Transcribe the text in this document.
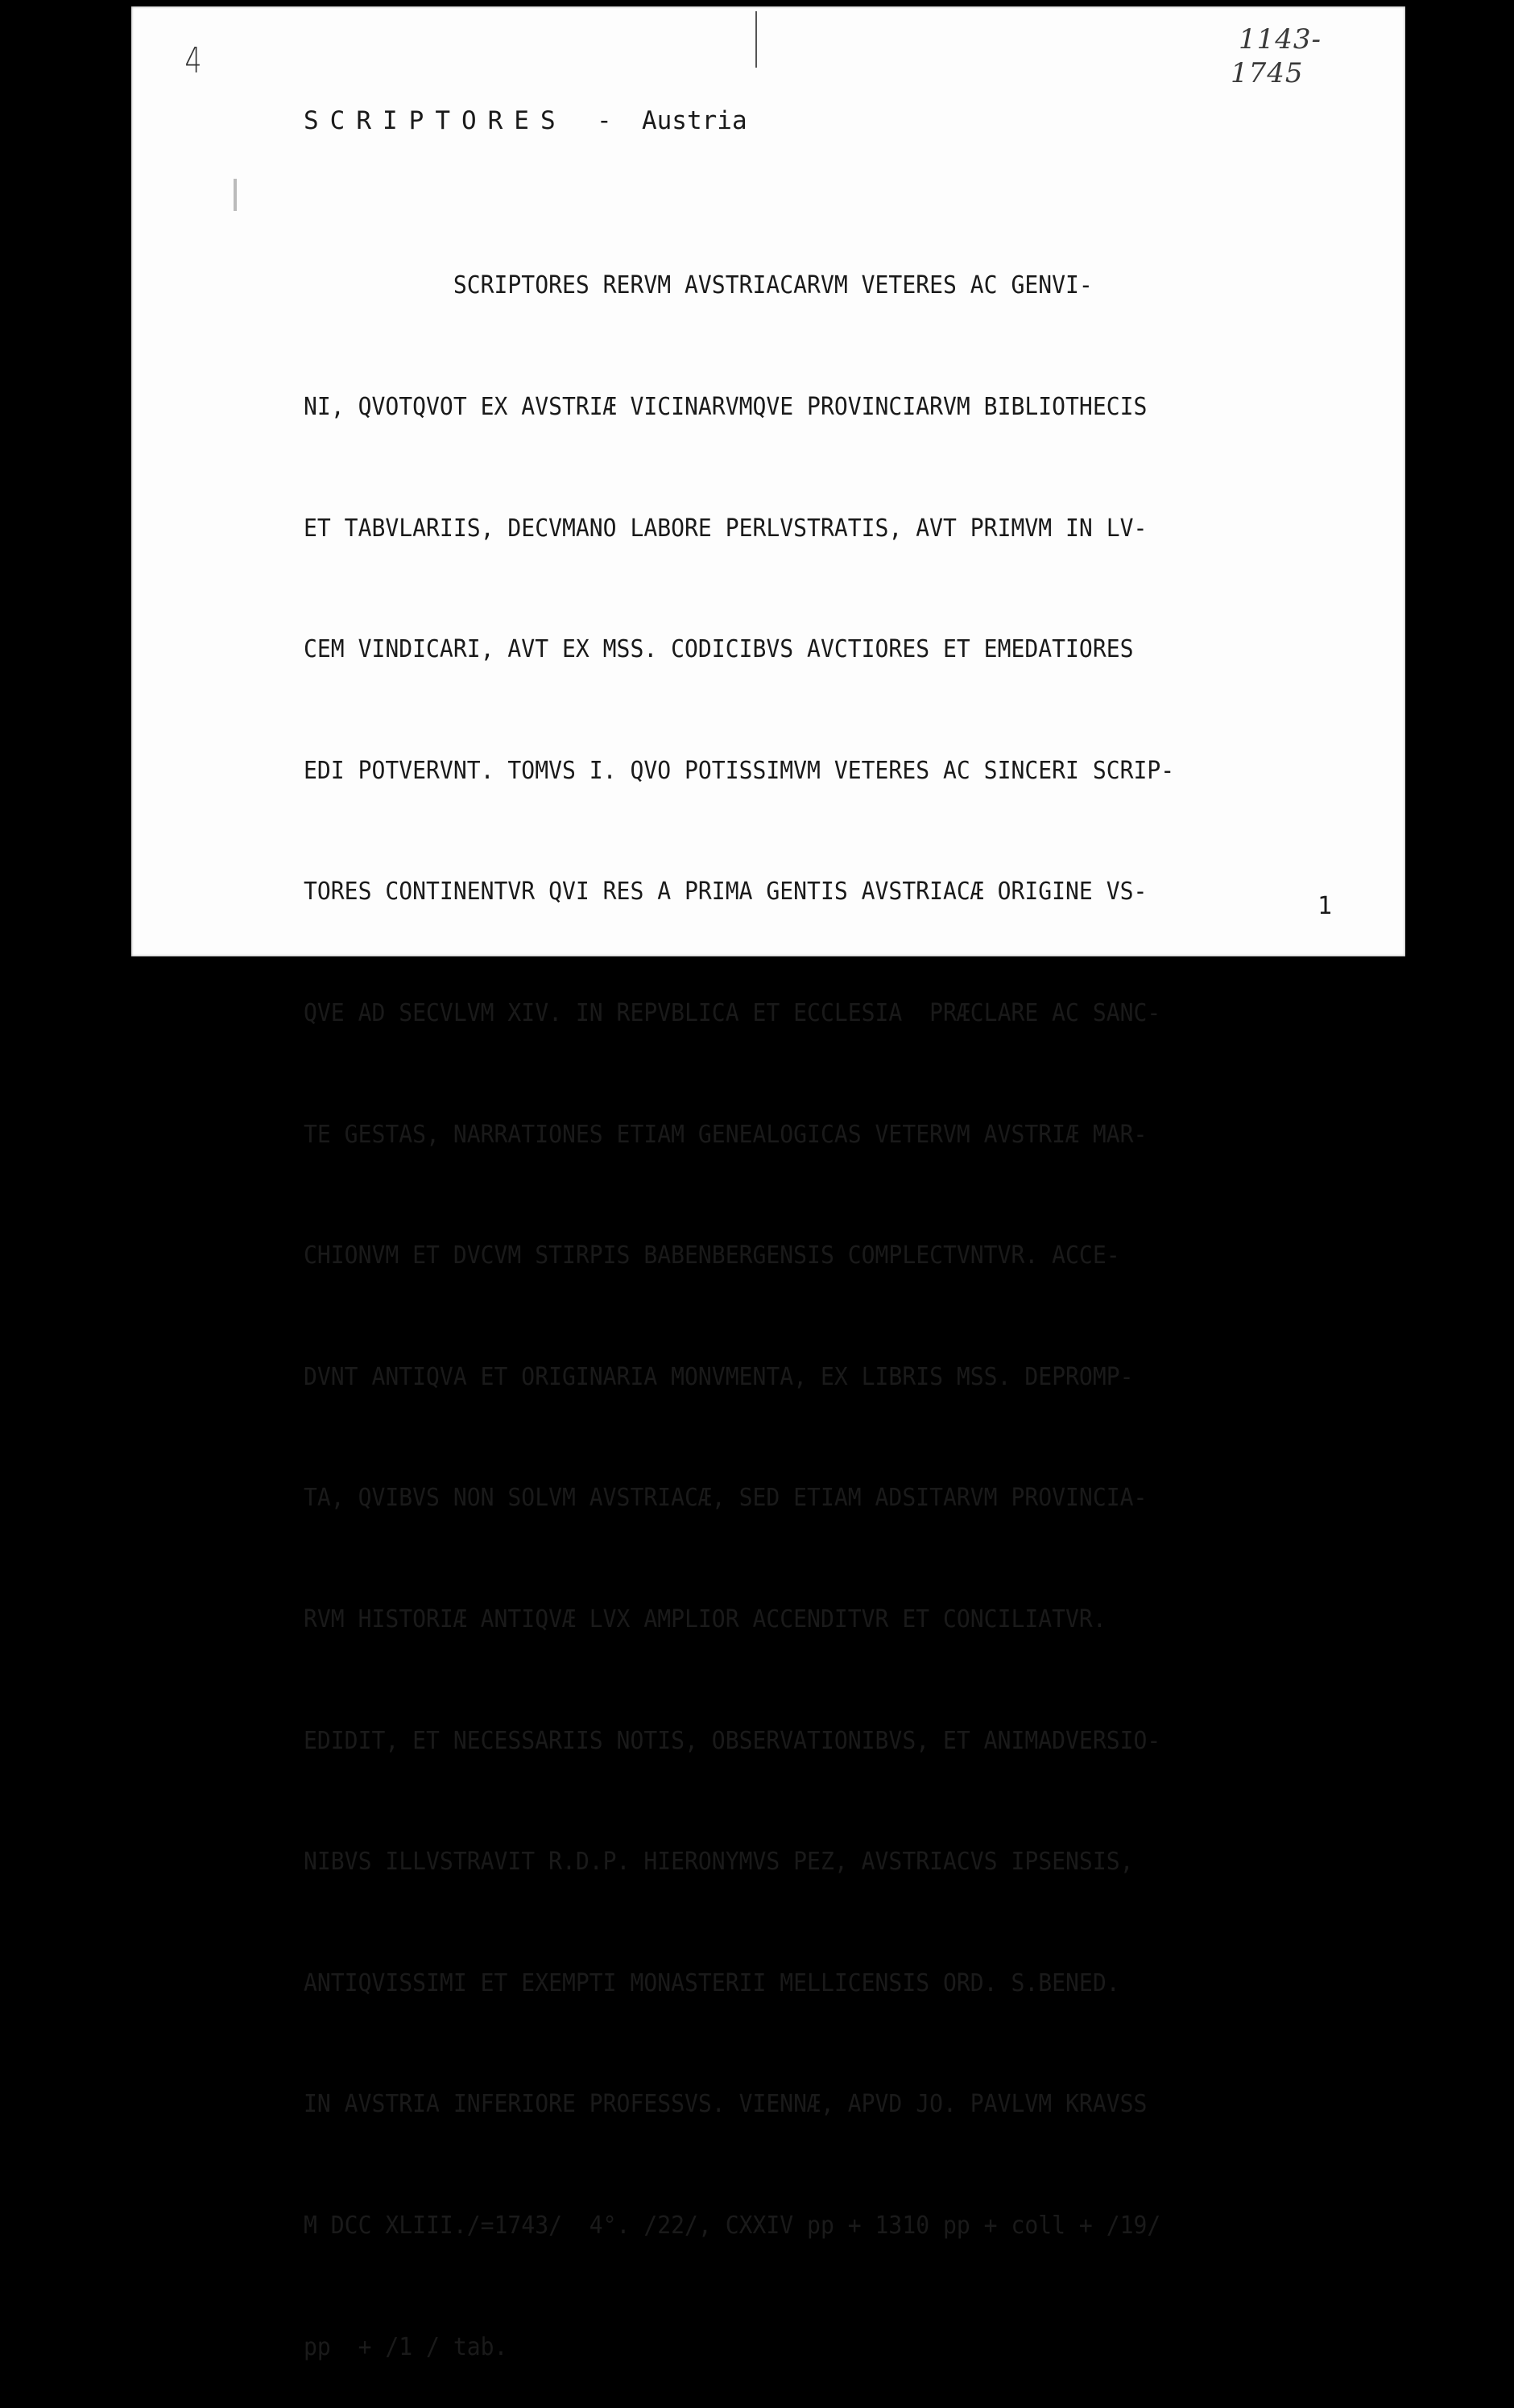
4
1143-
1745
SCRIPTORES - Austria

SCRIPTORES RERVM AVSTRIACARVM VETERES AC GENVI-

NI, QVOTQVOT EX AVSTRIÆ VICINARVMQVE PROVINCIARVM BIBLIOTHECIS

ET TABVLARIIS, DECVMANO LABORE PERLVSTRATIS, AVT PRIMVM IN LV-

CEM VINDICARI, AVT EX MSS. CODICIBVS AVCTIORES ET EMEDATIORES

EDI POTVERVNT. TOMVS I. QVO POTISSIMVM VETERES AC SINCERI SCRIP-

TORES CONTINENTVR QVI RES A PRIMA GENTIS AVSTRIACÆ ORIGINE VS-

QVE AD SECVLVM XIV. IN REPVBLICA ET ECCLESIA  PRÆCLARE AC SANC-

TE GESTAS, NARRATIONES ETIAM GENEALOGICAS VETERVM AVSTRIÆ MAR-

CHIONVM ET DVCVM STIRPIS BABENBERGENSIS COMPLECTVNTVR. ACCE-

DVNT ANTIQVA ET ORIGINARIA MONVMENTA, EX LIBRIS MSS. DEPROMP-

TA, QVIBVS NON SOLVM AVSTRIACÆ, SED ETIAM ADSITARVM PROVINCIA-

RVM HISTORIÆ ANTIQVÆ LVX AMPLIOR ACCENDITVR ET CONCILIATVR.

EDIDIT, ET NECESSARIIS NOTIS, OBSERVATIONIBVS, ET ANIMADVERSIO-

NIBVS ILLVSTRAVIT R.D.P. HIERONYMVS PEZ, AVSTRIACVS IPSENSIS,

ANTIQVISSIMI ET EXEMPTI MONASTERII MELLICENSIS ORD. S.BENED.

IN AVSTRIA INFERIORE PROFESSVS. VIENNÆ, APVD JO. PAVLVM KRAVSS

M DCC XLIII./=1743/  4°. /22/, CXXIV pp + 1310 pp + coll + /19/

pp  + /1 / tab.

1
